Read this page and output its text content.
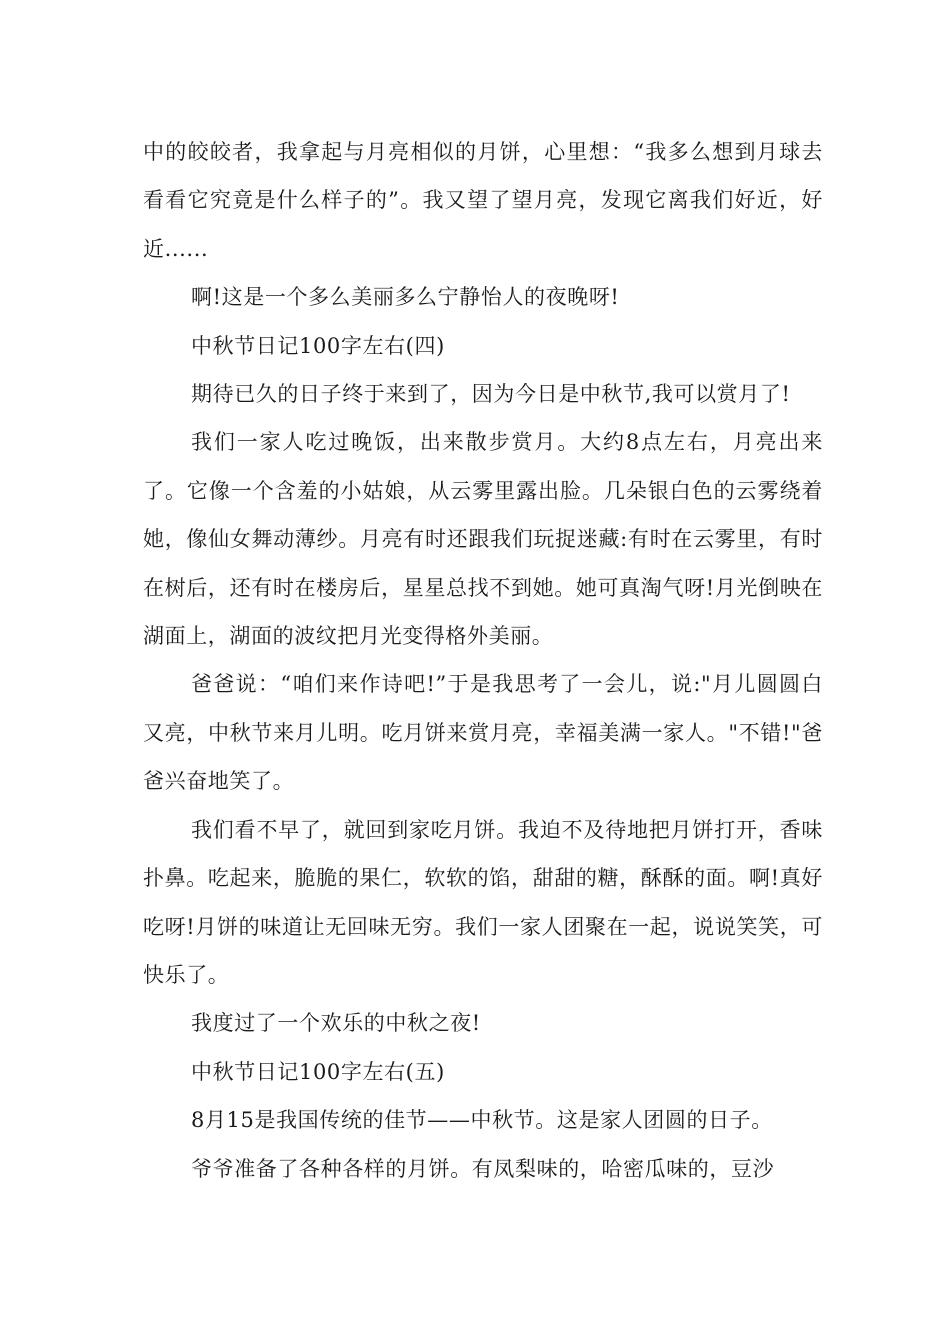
中的皎皎者，我拿起与月亮相似的月饼，心里想：“我多么想到月球去看看它究竟是什么样子的”。我又望了望月亮，发现它离我们好近，好近......

啊!这是一个多么美丽多么宁静怡人的夜晚呀!

中秋节日记100字左右(四)

期待已久的日子终于来到了，因为今日是中秋节,我可以赏月了!

我们一家人吃过晚饭，出来散步赏月。大约8点左右，月亮出来了。它像一个含羞的小姑娘，从云雾里露出脸。几朵银白色的云雾绕着她，像仙女舞动薄纱。月亮有时还跟我们玩捉迷藏:有时在云雾里，有时在树后，还有时在楼房后，星星总找不到她。她可真淘气呀!月光倒映在湖面上，湖面的波纹把月光变得格外美丽。

爸爸说：“咱们来作诗吧!”于是我思考了一会儿，说:"月儿圆圆白又亮，中秋节来月儿明。吃月饼来赏月亮，幸福美满一家人。"不错!"爸爸兴奋地笑了。

我们看不早了，就回到家吃月饼。我迫不及待地把月饼打开，香味扑鼻。吃起来，脆脆的果仁，软软的馅，甜甜的糖，酥酥的面。啊!真好吃呀!月饼的味道让无回味无穷。我们一家人团聚在一起，说说笑笑，可快乐了。

我度过了一个欢乐的中秋之夜!

中秋节日记100字左右(五)

8月15是我国传统的佳节——中秋节。这是家人团圆的日子。

爷爷准备了各种各样的月饼。有凤梨味的，哈密瓜味的，豆沙
